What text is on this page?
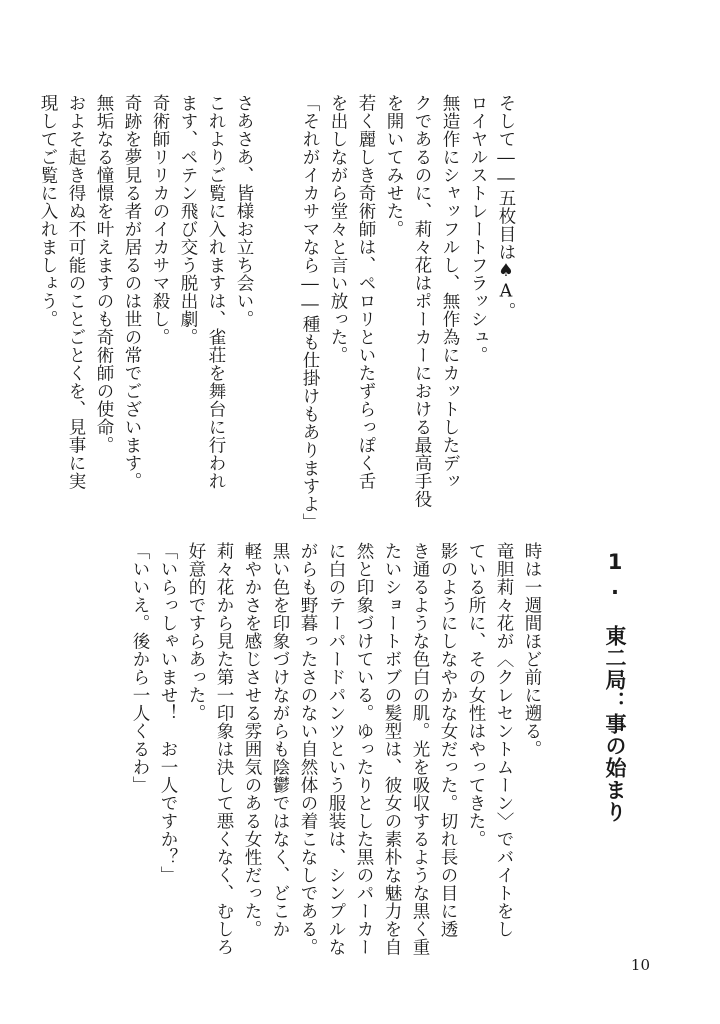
そして――五枚目は♠A。

ロイヤルストレートフラッシュ。

無造作にシャッフルし、無作為にカットしたデッ

クであるのに、莉々花はポーカーにおける最高手役

を開いてみせた。

若く麗しき奇術師は、ペロリといたずらっぽく舌

を出しながら堂々と言い放った。

「それがイカサマなら――種も仕掛けもありますよ」

さあさあ、皆様お立ち会い。

これよりご覧に入れますは、雀荘を舞台に行われ

ます、ペテン飛び交う脱出劇。

奇術師リリカのイカサマ殺し。

奇跡を夢見る者が居るのは世の常でございます。

無垢なる憧憬を叶えますのも奇術師の使命。

およそ起き得ぬ不可能のことごとくを、見事に実

現してご覧に入れましょう。

1. 東二局：事の始まり

時は一週間ほど前に遡る。

竜胆莉々花が〈クレセントムーン〉でバイトをし

ている所に、その女性はやってきた。

影のようにしなやかな女だった。切れ長の目に透

き通るような色白の肌。光を吸収するような黒く重

たいショートボブの髪型は、彼女の素朴な魅力を自

然と印象づけている。ゆったりとした黒のパーカー

に白のテーパードパンツという服装は、シンプルな

がらも野暮ったさのない自然体の着こなしである。

黒い色を印象づけながらも陰鬱ではなく、どこか

軽やかさを感じさせる雰囲気のある女性だった。

莉々花から見た第一印象は決して悪くなく、むしろ

好意的ですらあった。

「いらっしゃいませ！　お一人ですか？」

「いいえ。後から一人くるわ」

10
